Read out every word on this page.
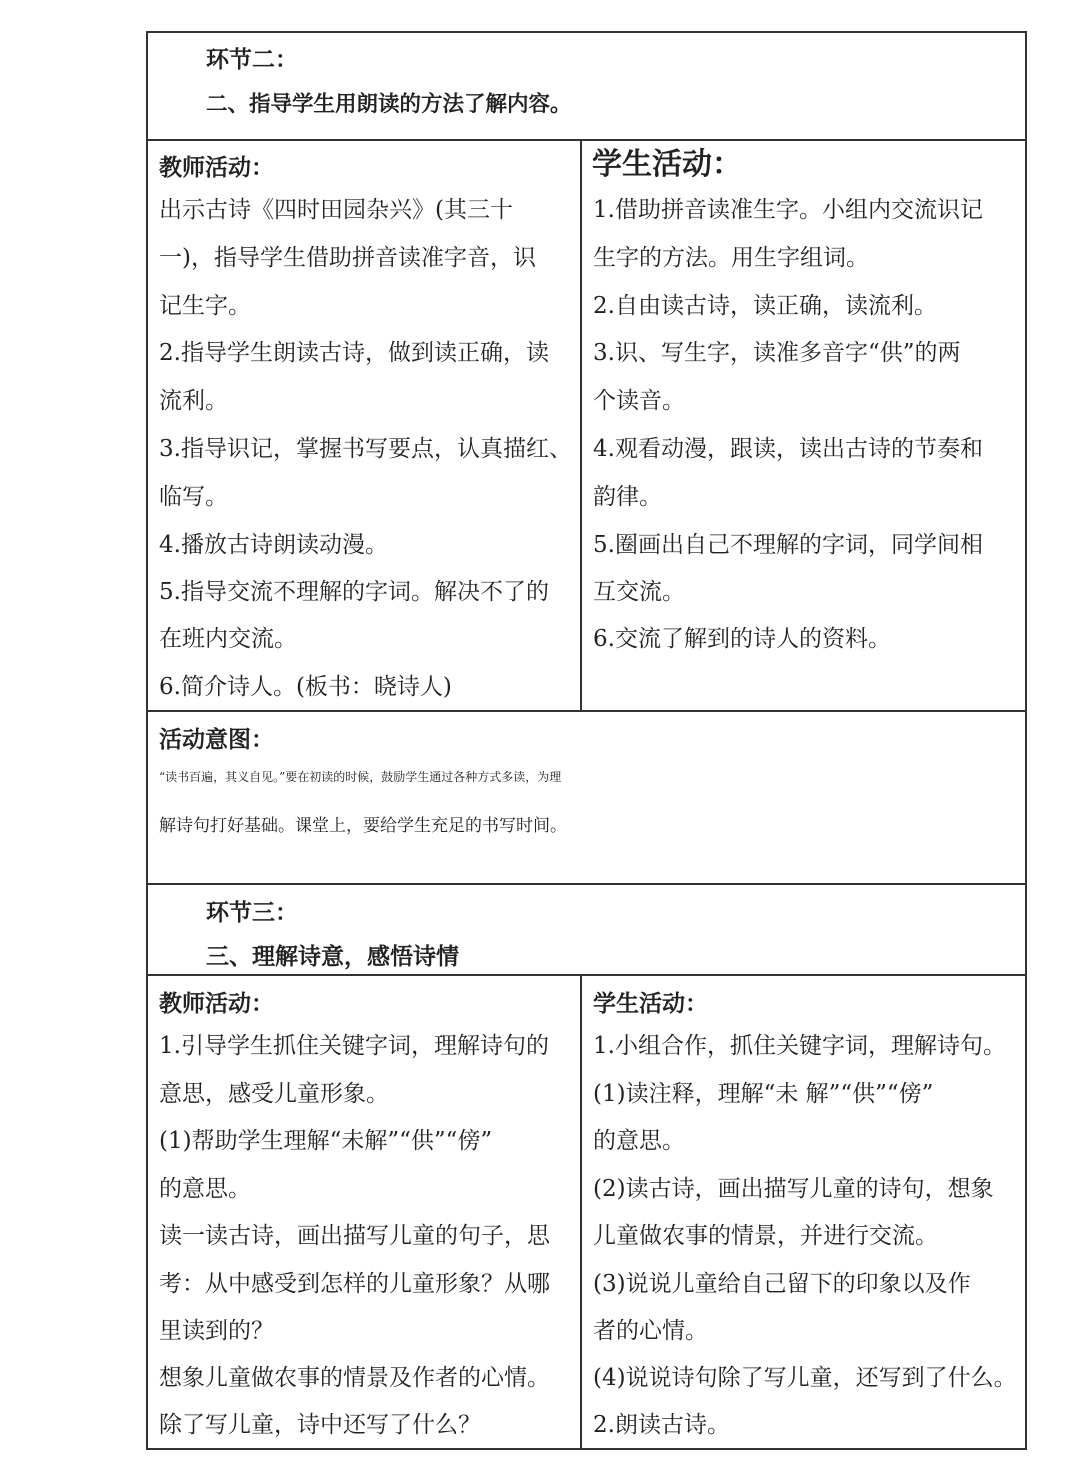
环节二：
二、指导学生用朗读的方法了解内容。
教师活动：
出示古诗《四时田园杂兴》(其三十
一)，指导学生借助拼音读准字音，识
记生字。
2.指导学生朗读古诗，做到读正确，读
流利。
3.指导识记，掌握书写要点，认真描红、
临写。
4.播放古诗朗读动漫。
5.指导交流不理解的字词。解决不了的
在班内交流。
6.简介诗人。(板书：晓诗人)
学生活动：
1.借助拼音读准生字。小组内交流识记
生字的方法。用生字组词。
2.自由读古诗，读正确，读流利。
3.识、写生字，读准多音字“供”的两
个读音。
4.观看动漫，跟读，读出古诗的节奏和
韵律。
5.圈画出自己不理解的字词，同学间相
互交流。
6.交流了解到的诗人的资料。
活动意图：
“读书百遍，其义自见。”要在初读的时候，鼓励学生通过各种方式多读，为理
解诗句打好基础。课堂上，要给学生充足的书写时间。
环节三：
三、理解诗意，感悟诗情
教师活动：
1.引导学生抓住关键字词，理解诗句的
意思，感受儿童形象。
(1)帮助学生理解“未解”“供”“傍”
的意思。
读一读古诗，画出描写儿童的句子，思
考：从中感受到怎样的儿童形象？从哪
里读到的？
想象儿童做农事的情景及作者的心情。
除了写儿童，诗中还写了什么？
学生活动：
1.小组合作，抓住关键字词，理解诗句。
(1)读注释，理解“未 解”“供”“傍”
的意思。
(2)读古诗，画出描写儿童的诗句，想象
儿童做农事的情景，并进行交流。
(3)说说儿童给自己留下的印象以及作
者的心情。
(4)说说诗句除了写儿童，还写到了什么。
2.朗读古诗。
